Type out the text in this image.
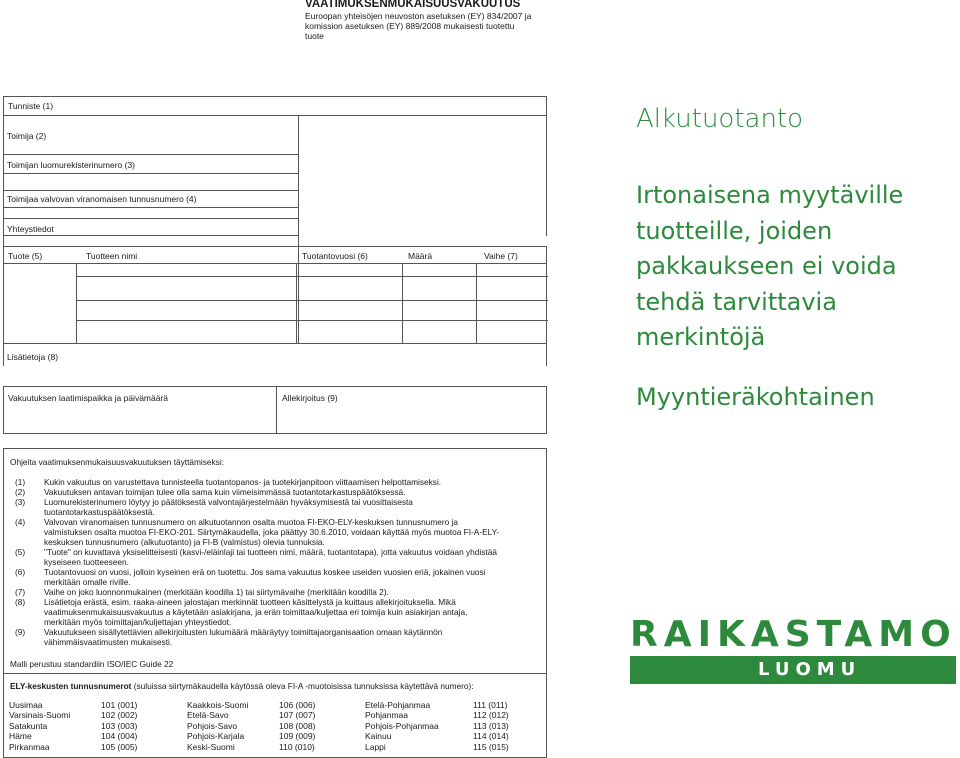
VAATIMUKSENMUKAISUUSVAKUUTUS
Euroopan yhteisöjen neuvoston asetuksen (EY) 834/2007 ja
komission asetuksen (EY) 889/2008 mukaisesti tuotettu
tuote
Tunniste (1)
Toimija (2)
Toimijan luomurekisterinumero (3)
Toimijaa valvovan viranomaisen tunnusnumero (4)
Yhteystiedot
Tuote (5)	Tuotteen nimi	Tuotantovuosi (6)	Määrä	Vaihe (7)
Lisätietoja (8)
Vakuutuksen laatimispaikka ja päivämäärä	Allekirjoitus (9)
Ohjeita vaatimuksenmukaisuusvakuutuksen täyttämiseksi:
(1) Kukin vakuutus on varustettava tunnisteella tuotantopanos- ja tuotekirjanpitoon viittaamisen helpottamiseksi.
(2) Vakuutuksen antavan toimijan tulee olla sama kuin viimeisimmässä tuotantotarkastuspäätöksessä.
(3) Luomurekisterinumero löytyy jo päätöksestä valvontajärjestelmään hyväksymisestä tai vuosittaisesta
tuotantotarkastuspäätöksestä.
(4) Valvovan viranomaisen tunnusnumero on alkutuotannon osalta muotoa FI-EKO-ELY-keskuksen tunnusnumero ja
valmistuksen osalta muotoa FI-EKO-201. Siirtymäkaudella, joka päättyy 30.6.2010, voidaan käyttää myös muotoa FI-A-ELY-
keskuksen tunnusnumero (alkutuotanto) ja FI-B (valmistus) olevia tunnuksia.
(5) "Tuote" on kuvattava yksiselitteisesti (kasvi-/eläinlaji tai tuotteen nimi, määrä, tuotantotapa), jotta vakuutus voidaan yhdistää
kyseiseen tuotteeseen.
(6) Tuotantovuosi on vuosi, jolloin kyseinen erä on tuotettu. Jos sama vakuutus koskee useiden vuosien eriä, jokainen vuosi
merkitään omalle riville.
(7) Vaihe on joko luonnonmukainen (merkitään koodilla 1) tai siirtymävaihe (merkitään koodilla 2).
(8) Lisätietoja erästä, esim. raaka-aineen jalostajan merkinnät tuotteen käsittelystä ja kuittaus allekirjoituksella. Mikä
vaatimuksenmukaisuusvakuutus a käytetään asiakirjana, ja erän toimittaa/kuljettaa eri toimija kuin asiakirjan antaja,
merkitään myös toimittajan/kuljettajan yhteystiedot.
(9) Vakuutukseen sisällytettävien allekirjoitusten lukumäärä määräytyy toimittajaorganisaation omaan käytännön
vähimmäisvaatimusten mukaisesti.
Malli perustuu standardiin ISO/IEC Guide 22
ELY-keskusten tunnusnumerot (suluissa siirtymäkaudella käytössä oleva FI-A -muotoisissa tunnuksissa käytettävä numero):
Uusimaa	101 (001)	Kaakkois-Suomi	106 (006)	Etelä-Pohjanmaa	111 (011)
Varsinais-Suomi	102 (002)	Etelä-Savo	107 (007)	Pohjanmaa	112 (012)
Satakunta	103 (003)	Pohjois-Savo	108 (008)	Pohjois-Pohjanmaa	113 (013)
Häme	104 (004)	Pohjois-Karjala	109 (009)	Kainuu	114 (014)
Pirkanmaa	105 (005)	Keski-Suomi	110 (010)	Lappi	115 (015)
Alkutuotanto
Irtonaisena myytäville
tuotteille, joiden
pakkaukseen ei voida
tehdä tarvittavia
merkintöjä
Myyntieräkohtainen
RAIKASTAMO
LUOMU
